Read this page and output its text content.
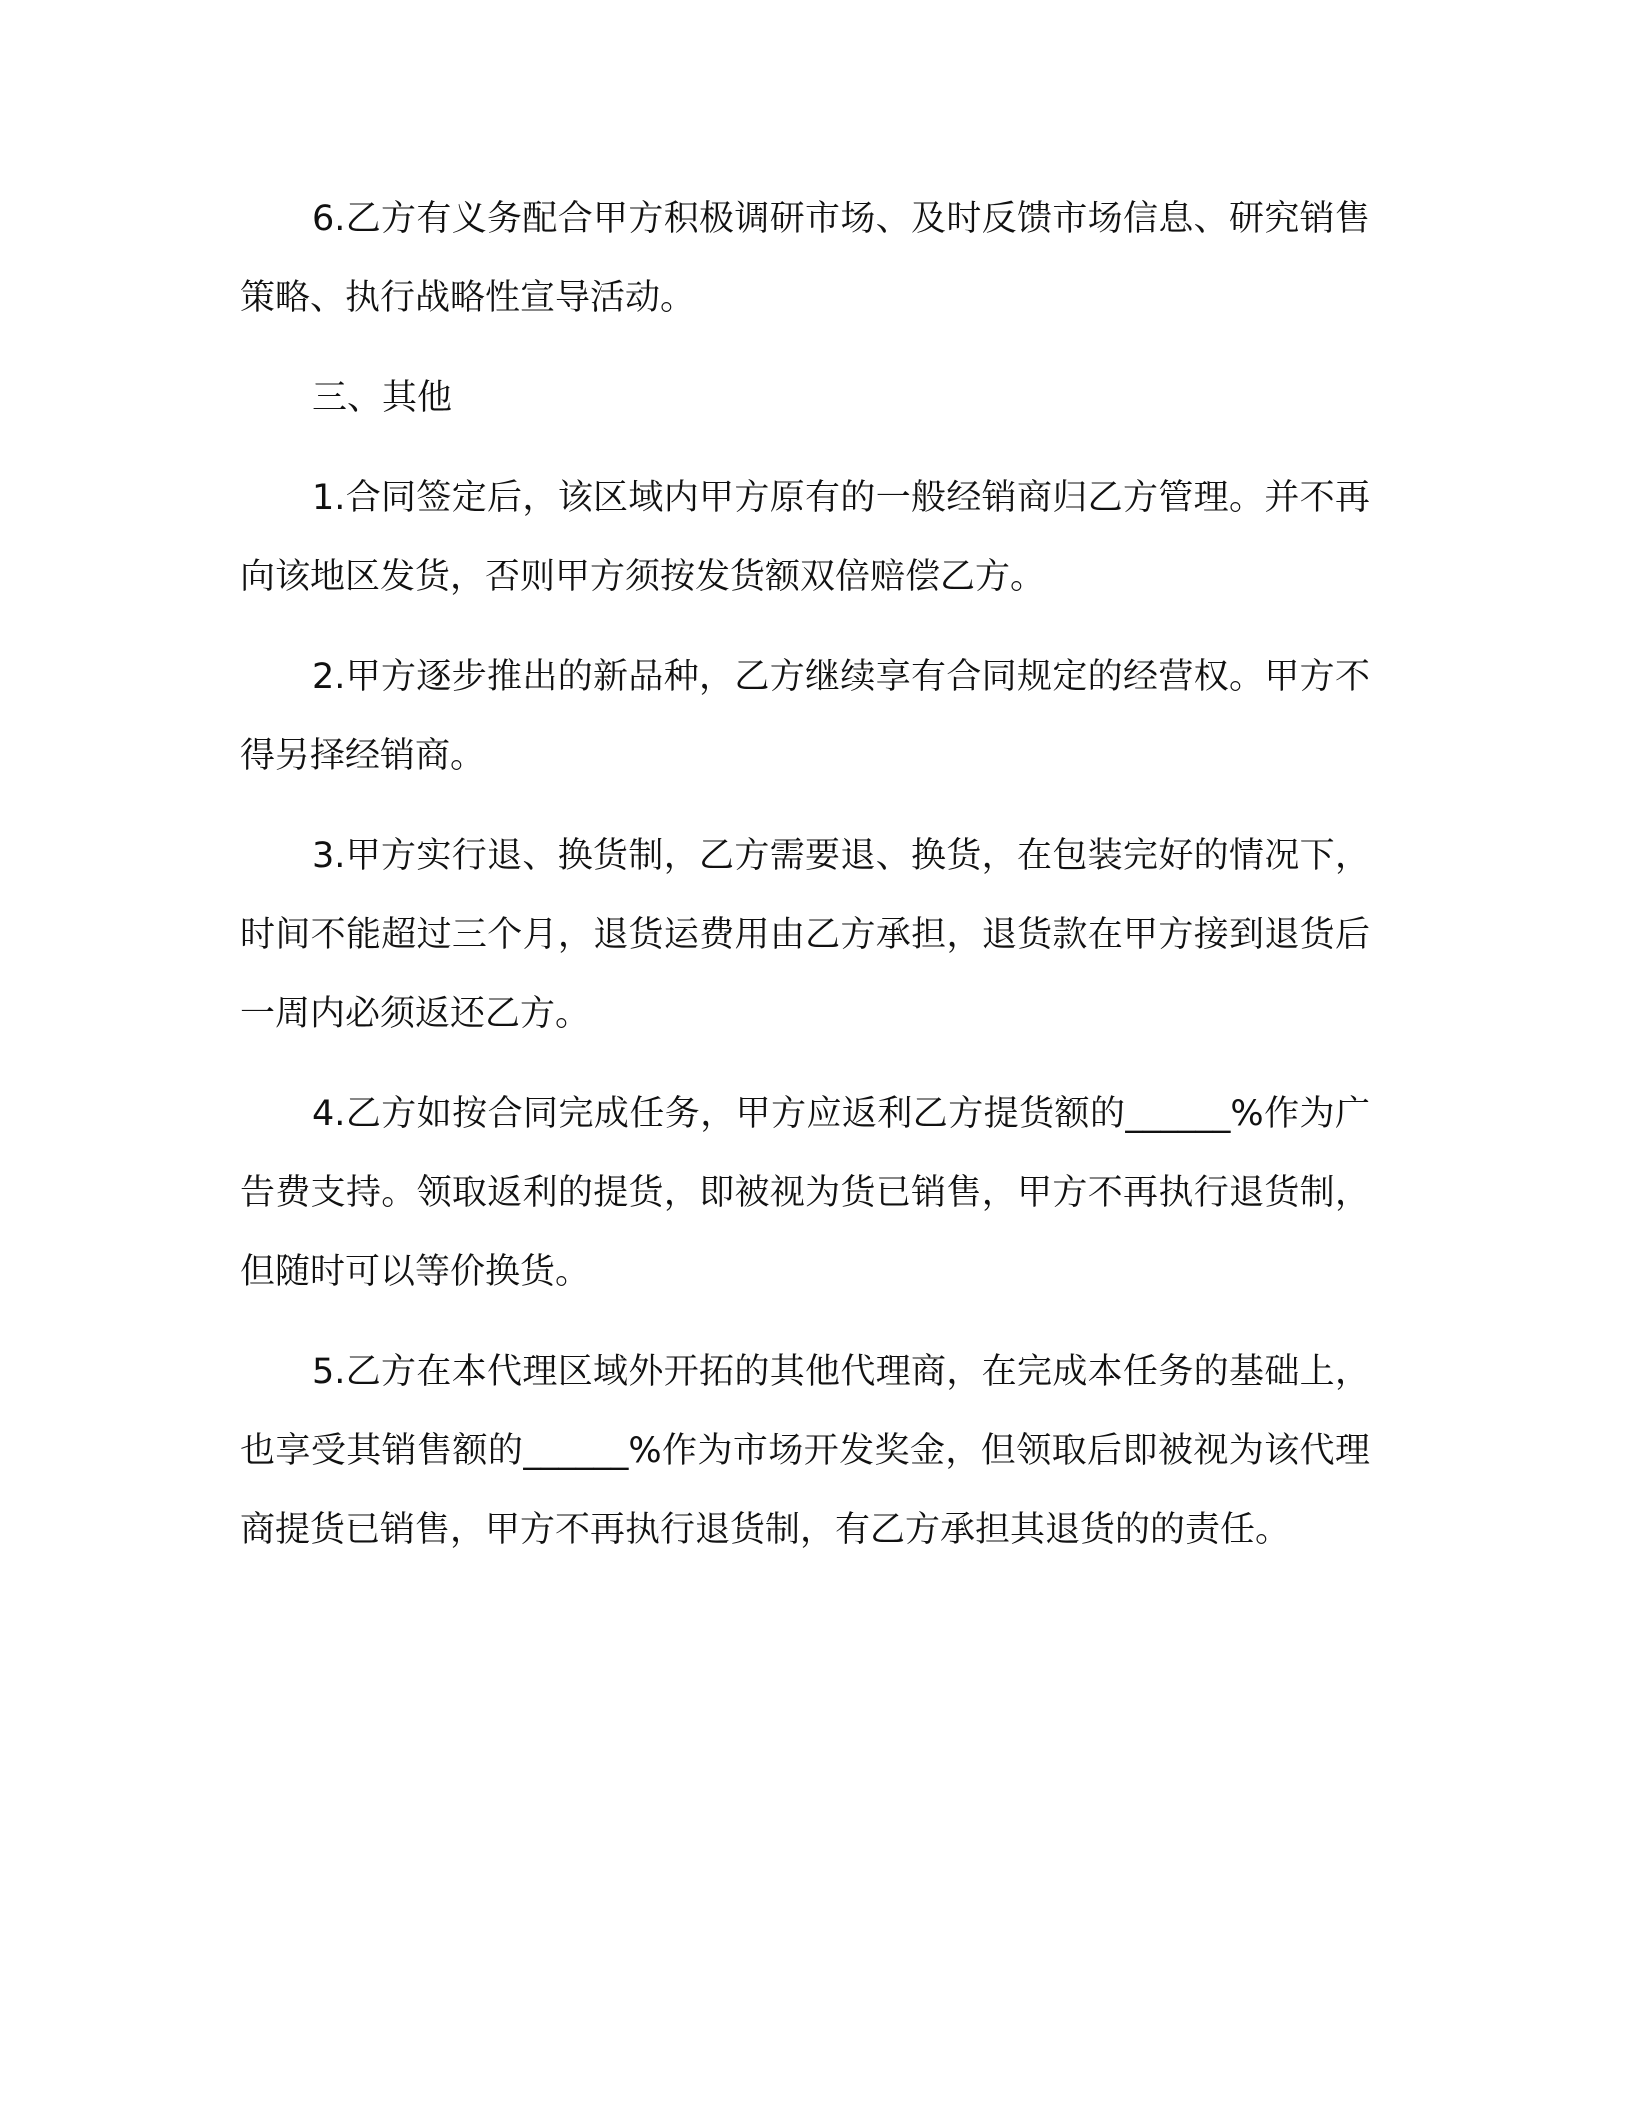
6.乙方有义务配合甲方积极调研市场、及时反馈市场信息、研究销售策略、执行战略性宣导活动。

三、其他

1.合同签定后，该区域内甲方原有的一般经销商归乙方管理。并不再向该地区发货，否则甲方须按发货额双倍赔偿乙方。

2.甲方逐步推出的新品种，乙方继续享有合同规定的经营权。甲方不得另择经销商。

3.甲方实行退、换货制，乙方需要退、换货，在包装完好的情况下，时间不能超过三个月，退货运费用由乙方承担，退货款在甲方接到退货后一周内必须返还乙方。

4.乙方如按合同完成任务，甲方应返利乙方提货额的______%作为广告费支持。领取返利的提货，即被视为货已销售，甲方不再执行退货制，但随时可以等价换货。

5.乙方在本代理区域外开拓的其他代理商，在完成本任务的基础上，也享受其销售额的______%作为市场开发奖金，但领取后即被视为该代理商提货已销售，甲方不再执行退货制，有乙方承担其退货的的责任。
